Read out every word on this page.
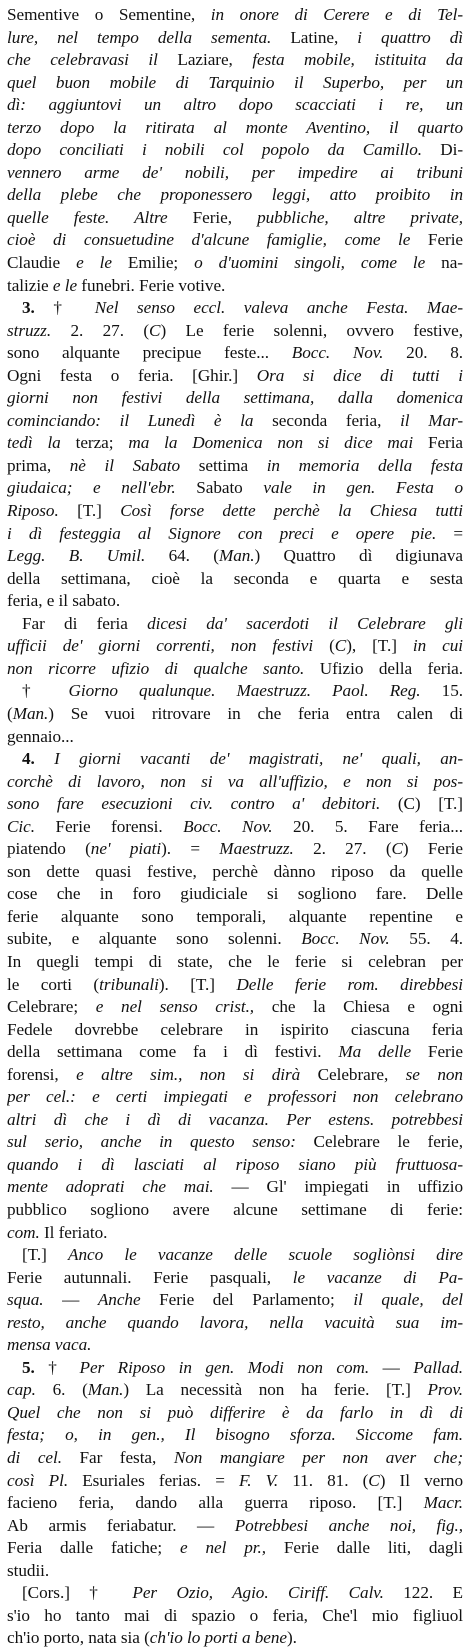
Sementive o Sementine, in onore di Cerere e di Tel-
lure, nel tempo della sementa. Latine, i quattro dì
che celebravasi il Laziare, festa mobile, istituita da
quel buon mobile di Tarquinio il Superbo, per un
dì: aggiuntovi un altro dopo scacciati i re, un
terzo dopo la ritirata al monte Aventino, il quarto
dopo conciliati i nobili col popolo da Camillo. Di-
vennero arme de' nobili, per impedire ai tribuni
della plebe che proponessero leggi, atto proibito in
quelle feste. Altre Ferie, pubbliche, altre private,
cioè di consuetudine d'alcune famiglie, come le Ferie
Claudie e le Emilie; o d'uomini singoli, come le na-
talizie e le funebri. Ferie votive.
3. † Nel senso eccl. valeva anche Festa. Mae-
struzz. 2. 27. (C) Le ferie solenni, ovvero festive,
sono alquante precipue feste... Bocc. Nov. 20. 8.
Ogni festa o feria. [Ghir.] Ora si dice di tutti i
giorni non festivi della settimana, dalla domenica
cominciando: il Lunedì è la seconda feria, il Mar-
tedì la terza; ma la Domenica non si dice mai Feria
prima, nè il Sabato settima in memoria della festa
giudaica; e nell'ebr. Sabato vale in gen. Festa o
Riposo. [T.] Così forse dette perchè la Chiesa tutti
i dì festeggia al Signore con preci e opere pie. =
Legg. B. Umil. 64. (Man.) Quattro dì digiunava
della settimana, cioè la seconda e quarta e sesta
feria, e il sabato.
Far di feria dicesi da' sacerdoti il Celebrare gli
ufficii de' giorni correnti, non festivi (C), [T.] in cui
non ricorre ufizio di qualche santo. Ufizio della feria.
† Giorno qualunque. Maestruzz. Paol. Reg. 15.
(Man.) Se vuoi ritrovare in che feria entra calen di
gennaio...
4. I giorni vacanti de' magistrati, ne' quali, an-
corchè di lavoro, non si va all'uffizio, e non si pos-
sono fare esecuzioni civ. contro a' debitori. (C) [T.]
Cic. Ferie forensi. Bocc. Nov. 20. 5. Fare feria...
piatendo (ne' piati). = Maestruzz. 2. 27. (C) Ferie
son dette quasi festive, perchè dànno riposo da quelle
cose che in foro giudiciale si sogliono fare. Delle
ferie alquante sono temporali, alquante repentine e
subite, e alquante sono solenni. Bocc. Nov. 55. 4.
In quegli tempi di state, che le ferie si celebran per
le corti (tribunali). [T.] Delle ferie rom. direbbesi
Celebrare; e nel senso crist., che la Chiesa e ogni
Fedele dovrebbe celebrare in ispirito ciascuna feria
della settimana come fa i dì festivi. Ma delle Ferie
forensi, e altre sim., non si dirà Celebrare, se non
per cel.: e certi impiegati e professori non celebrano
altri dì che i dì di vacanza. Per estens. potrebbesi
sul serio, anche in questo senso: Celebrare le ferie,
quando i dì lasciati al riposo siano più fruttuosa-
mente adoprati che mai. — Gl' impiegati in uffizio
pubblico sogliono avere alcune settimane di ferie:
com. Il feriato.
[T.] Anco le vacanze delle scuole sogliònsi dire
Ferie autunnali. Ferie pasquali, le vacanze di Pa-
squa. — Anche Ferie del Parlamento; il quale, del
resto, anche quando lavora, nella vacuità sua im-
mensa vaca.
5. † Per Riposo in gen. Modi non com. — Pallad.
cap. 6. (Man.) La necessità non ha ferie. [T.] Prov.
Quel che non si può differire è da farlo in dì di
festa; o, in gen., Il bisogno sforza. Siccome fam.
di cel. Far festa, Non mangiare per non aver che;
così Pl. Esuriales ferias. = F. V. 11. 81. (C) Il verno
facieno feria, dando alla guerra riposo. [T.] Macr.
Ab armis feriabatur. — Potrebbesi anche noi, fig.,
Feria dalle fatiche; e nel pr., Ferie dalle liti, dagli
studii.
[Cors.] † Per Ozio, Agio. Ciriff. Calv. 122. E
s'io ho tanto mai di spazio o feria, Che'l mio figliuol
ch'io porto, nata sia (ch'io lo porti a bene).
